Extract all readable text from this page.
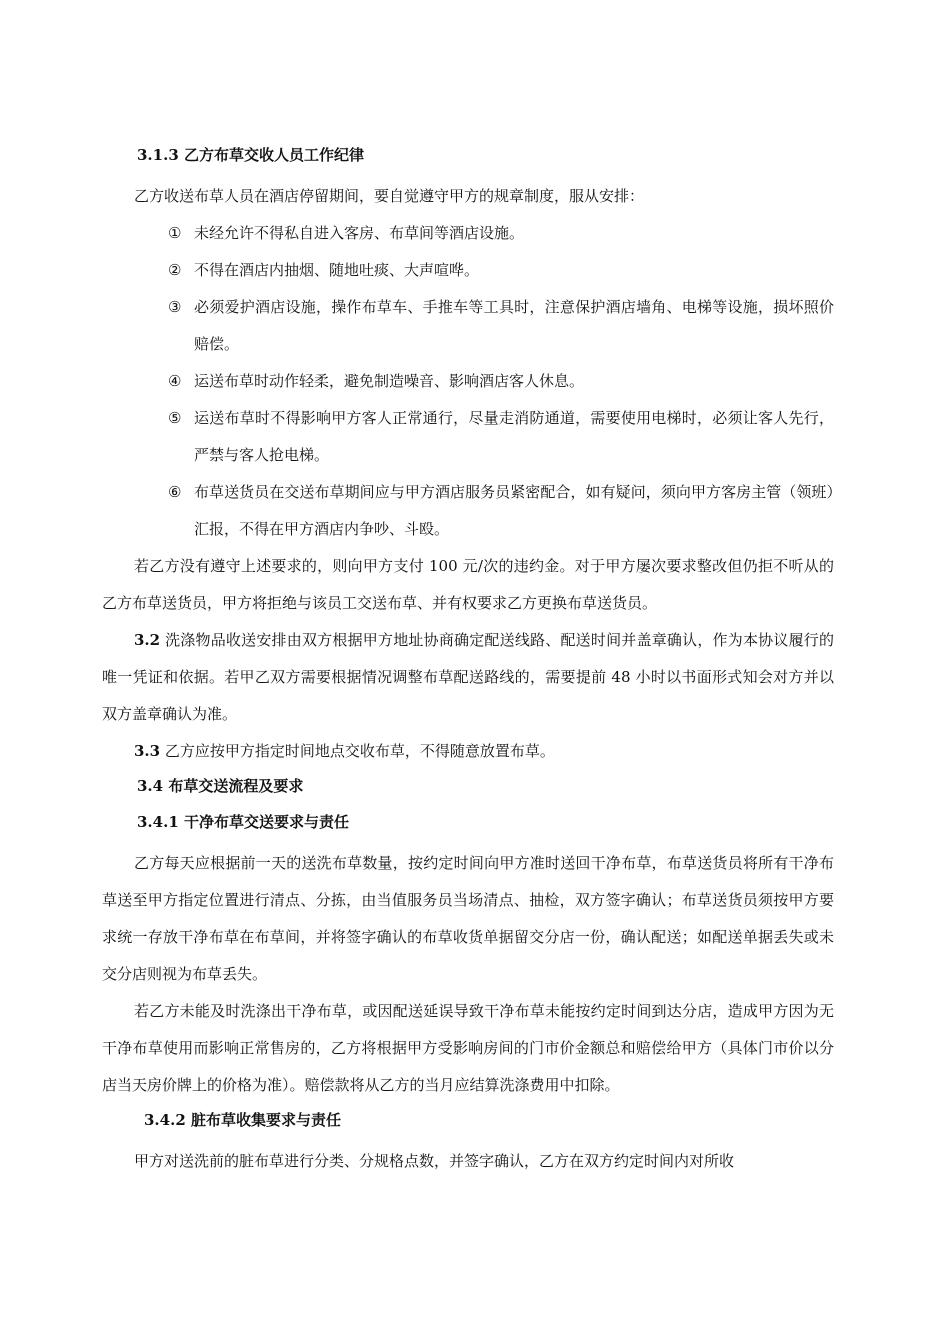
3.1.3 乙方布草交收人员工作纪律

乙方收送布草人员在酒店停留期间，要自觉遵守甲方的规章制度，服从安排：

① 未经允许不得私自进入客房、布草间等酒店设施。
② 不得在酒店内抽烟、随地吐痰、大声喧哗。
③ 必须爱护酒店设施，操作布草车、手推车等工具时，注意保护酒店墙角、电梯等设施，损坏照价赔偿。
④ 运送布草时动作轻柔，避免制造噪音、影响酒店客人休息。
⑤ 运送布草时不得影响甲方客人正常通行，尽量走消防通道，需要使用电梯时，必须让客人先行，严禁与客人抢电梯。
⑥ 布草送货员在交送布草期间应与甲方酒店服务员紧密配合，如有疑问，须向甲方客房主管（领班）汇报，不得在甲方酒店内争吵、斗殴。

若乙方没有遵守上述要求的，则向甲方支付 100 元/次的违约金。对于甲方屡次要求整改但仍拒不听从的乙方布草送货员，甲方将拒绝与该员工交送布草、并有权要求乙方更换布草送货员。

3.2 洗涤物品收送安排由双方根据甲方地址协商确定配送线路、配送时间并盖章确认，作为本协议履行的唯一凭证和依据。若甲乙双方需要根据情况调整布草配送路线的，需要提前 48 小时以书面形式知会对方并以双方盖章确认为准。

3.3 乙方应按甲方指定时间地点交收布草，不得随意放置布草。

3.4 布草交送流程及要求
3.4.1 干净布草交送要求与责任

乙方每天应根据前一天的送洗布草数量，按约定时间向甲方准时送回干净布草，布草送货员将所有干净布草送至甲方指定位置进行清点、分拣，由当值服务员当场清点、抽检，双方签字确认；布草送货员须按甲方要求统一存放干净布草在布草间，并将签字确认的布草收货单据留交分店一份，确认配送；如配送单据丢失或未交分店则视为布草丢失。

若乙方未能及时洗涤出干净布草，或因配送延误导致干净布草未能按约定时间到达分店，造成甲方因为无干净布草使用而影响正常售房的，乙方将根据甲方受影响房间的门市价金额总和赔偿给甲方（具体门市价以分店当天房价牌上的价格为准）。赔偿款将从乙方的当月应结算洗涤费用中扣除。

3.4.2 脏布草收集要求与责任

甲方对送洗前的脏布草进行分类、分规格点数，并签字确认，乙方在双方约定时间内对所收
